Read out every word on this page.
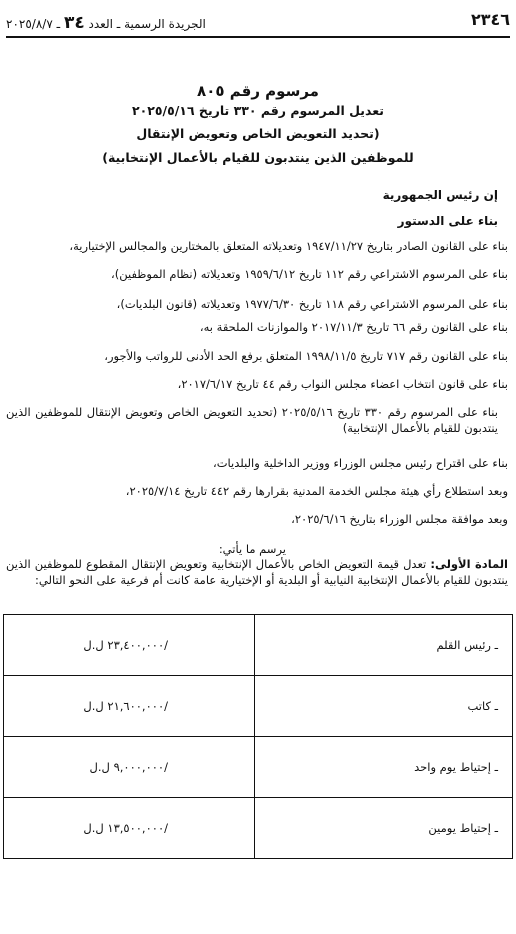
٢٣٤٦
الجريدة الرسمية ـ العدد ٣٤ ـ ٢٠٢٥/٨/٧
مرسوم رقم ٨٠٥
تعديل المرسوم رقم ٣٣٠ تاريخ ٢٠٢٥/٥/١٦
(تحديد التعويض الخاص وتعويض الإنتقال
للموظفين الذين ينتدبون للقيام بالأعمال الإنتخابية)
إن رئيس الجمهورية
بناء على الدستور
بناء على القانون الصادر بتاريخ ١٩٤٧/١١/٢٧ وتعديلاته المتعلق بالمختارين والمجالس الإختيارية،
بناء على المرسوم الاشتراعي رقم ١١٢ تاريخ ١٩٥٩/٦/١٢ وتعديلاته (نظام الموظفين)،
بناء على المرسوم الاشتراعي رقم ١١٨ تاريخ ١٩٧٧/٦/٣٠ وتعديلاته (قانون البلديات)،
بناء على القانون رقم ٦٦ تاريخ ٢٠١٧/١١/٣ والموازنات الملحقة به،
بناء على القانون رقم ٧١٧ تاريخ ١٩٩٨/١١/٥ المتعلق برفع الحد الأدنى للرواتب والأجور،
بناء على قانون انتخاب اعضاء مجلس النواب رقم ٤٤ تاريخ ٢٠١٧/٦/١٧،
بناء على المرسوم رقم ٣٣٠ تاريخ ٢٠٢٥/٥/١٦ (تحديد التعويض الخاص وتعويض الإنتقال للموظفين الذين ينتدبون للقيام بالأعمال الإنتخابية)
بناء على اقتراح رئيس مجلس الوزراء ووزير الداخلية والبلديات،
وبعد استطلاع رأي هيئة مجلس الخدمة المدنية بقرارها رقم ٤٤٢ تاريخ ٢٠٢٥/٧/١٤،
وبعد موافقة مجلس الوزراء بتاريخ ٢٠٢٥/٦/١٦،
يرسم ما يأتي:
المادة الأولى: تعدل قيمة التعويض الخاص بالأعمال الإنتخابية وتعويض الإنتقال المقطوع للموظفين الذين ينتدبون للقيام بالأعمال الإنتخابية النيابية أو البلدية أو الإختيارية عامة كانت أم فرعية على النحو التالي:
ـ رئيس القلم	/٢٣,٤٠٠,٠٠٠ ل.ل
ـ كاتب	/٢١,٦٠٠,٠٠٠ ل.ل
ـ إحتياط يوم واحد	/٩,٠٠٠,٠٠٠ ل.ل
ـ إحتياط يومين	/١٣,٥٠٠,٠٠٠ ل.ل
